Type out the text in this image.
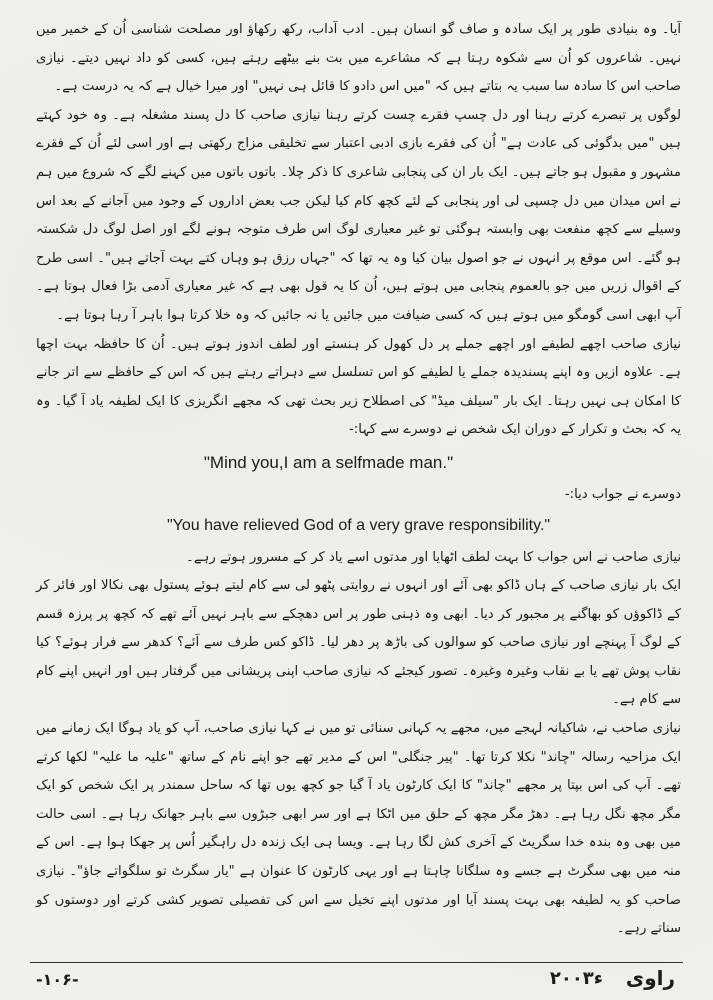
آیا۔ وہ بنیادی طور پر ایک سادہ و صاف گو انسان ہیں۔ ادب آداب، رکھ رکھاؤ اور مصلحت شناسی اُن کے خمیر میں نہیں۔ شاعروں کو اُن سے شکوہ رہتا ہے کہ مشاعرے میں بت بنے بیٹھے رہتے ہیں، کسی کو داد نہیں دیتے۔ نیازی صاحب اس کا سادہ سا سبب یہ بتاتے ہیں کہ "میں اس دادو کا قائل ہی نہیں" اور میرا خیال ہے کہ یہ درست ہے۔

لوگوں پر تبصرے کرتے رہنا اور دل چسپ فقرے چست کرتے رہنا نیازی صاحب کا دل پسند مشغلہ ہے۔ وہ خود کہتے ہیں "میں بدگوئی کی عادت ہے" اُن کی فقرے بازی ادبی اعتبار سے تخلیقی مزاج رکھتی ہے اور اسی لئے اُن کے فقرے مشہور و مقبول ہو جاتے ہیں۔ ایک بار ان کی پنجابی شاعری کا ذکر چلا۔ باتوں باتوں میں کہنے لگے کہ شروع میں ہم نے اس میدان میں دل چسپی لی اور پنجابی کے لئے کچھ کام کیا لیکن جب بعض اداروں کے وجود میں آجانے کے بعد اس وسیلے سے کچھ منفعت بھی وابستہ ہوگئی تو غیر معیاری لوگ اس طرف متوجہ ہونے لگے اور اصل لوگ دل شکستہ ہو گئے۔ اس موقع پر انہوں نے جو اصول بیان کیا وہ یہ تھا کہ "جہاں رزق ہو وہاں کتے بہت آجاتے ہیں"۔ اسی طرح کے اقوال زریں میں جو بالعموم پنجابی میں ہوتے ہیں، اُن کا یہ قول بھی ہے کہ غیر معیاری آدمی بڑا فعال ہوتا ہے۔ آپ ابھی اسی گومگو میں ہوتے ہیں کہ کسی ضیافت میں جائیں یا نہ جائیں کہ وہ خلا کرتا ہوا باہر آ رہا ہوتا ہے۔

نیازی صاحب اچھے لطیفے اور اچھے جملے پر دل کھول کر ہنستے اور لطف اندوز ہوتے ہیں۔ اُن کا حافظہ بہت اچھا ہے۔ علاوہ ازیں وہ اپنے پسندیدہ جملے یا لطیفے کو اس تسلسل سے دہراتے رہتے ہیں کہ اس کے حافظے سے اتر جانے کا امکان ہی نہیں رہتا۔ ایک بار "سیلف میڈ" کی اصطلاح زیر بحث تھی کہ مجھے انگریزی کا ایک لطیفہ یاد آ گیا۔ وہ یہ کہ بحث و تکرار کے دوران ایک شخص نے دوسرے سے کہا:-

"Mind you,I am a selfmade man."

دوسرے نے جواب دیا:-

"You have relieved God of a very grave responsibility."

نیازی صاحب نے اس جواب کا بہت لطف اٹھایا اور مدتوں اسے یاد کر کے مسرور ہوتے رہے۔

ایک بار نیازی صاحب کے ہاں ڈاکو بھی آئے اور انہوں نے روایتی پٹھو لی سے کام لیتے ہوئے پستول بھی نکالا اور فائر کر کے ڈاکوؤں کو بھاگنے پر مجبور کر دیا۔ ابھی وہ ذہنی طور پر اس دھچکے سے باہر نہیں آئے تھے کہ کچھ پر پرزہ قسم کے لوگ آ پہنچے اور نیازی صاحب کو سوالوں کی باڑھ پر دھر لیا۔ ڈاکو کس طرف سے آئے؟ کدھر سے فرار ہوئے؟ کیا نقاب پوش تھے یا بے نقاب وغیرہ وغیرہ۔ تصور کیجئے کہ نیازی صاحب اپنی پریشانی میں گرفتار ہیں اور انہیں اپنے کام سے کام ہے۔

نیازی صاحب نے، شاکیانہ لہجے میں، مجھے یہ کہانی سنائی تو میں نے کہا نیازی صاحب، آپ کو یاد ہوگا ایک زمانے میں ایک مزاحیہ رسالہ "چاند" نکلا کرتا تھا۔ "پیر جنگلی" اس کے مدیر تھے جو اپنے نام کے ساتھ "علیہ ما علیہ" لکھا کرتے تھے۔ آپ کی اس بپتا پر مجھے "چاند" کا ایک کارٹون یاد آ گیا جو کچھ یوں تھا کہ ساحل سمندر پر ایک شخص کو ایک مگر مچھ نگل رہا ہے۔ دھڑ مگر مچھ کے حلق میں اٹکا ہے اور سر ابھی جبڑوں سے باہر جھانک رہا ہے۔ اسی حالت میں بھی وہ بندہ خدا سگریٹ کے آخری کش لگا رہا ہے۔ ویسا ہی ایک زندہ دل راہگیر اُس پر جھکا ہوا ہے۔ اس کے منہ میں بھی سگرٹ ہے جسے وہ سلگانا چاہتا ہے اور یہی کارٹون کا عنوان ہے "یار سگرٹ تو سلگواتے جاؤ"۔ نیازی صاحب کو یہ لطیفہ بھی بہت پسند آیا اور مدتوں اپنے تخیل سے اس کی تفصیلی تصویر کشی کرتے اور دوستوں کو سناتے رہے۔

-۱۰۶-	۲۰۰۳ء راوی
